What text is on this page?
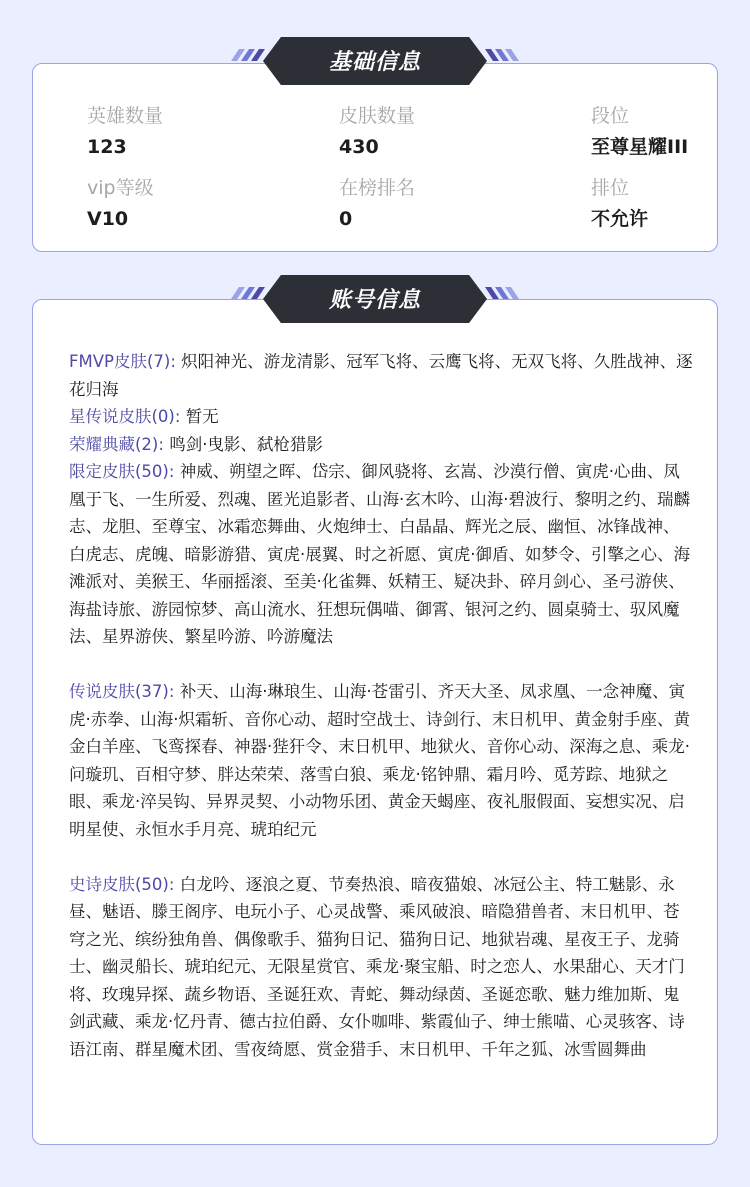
英雄数量
123
皮肤数量
430
段位
至尊星耀III
vip等级
V10
在榜排名
0
排位
不允许
基础信息
FMVP皮肤(7): 炽阳神光、游龙清影、冠军飞将、云鹰飞将、无双飞将、久胜战神、逐花归海
星传说皮肤(0): 暂无
荣耀典藏(2): 鸣剑·曳影、弑枪猎影
限定皮肤(50): 神威、朔望之晖、岱宗、御风骁将、玄嵩、沙漠行僧、寅虎·心曲、凤凰于飞、一生所爱、烈魂、匿光追影者、山海·玄木吟、山海·碧波行、黎明之约、瑞麟志、龙胆、至尊宝、冰霜恋舞曲、火炮绅士、白晶晶、辉光之辰、幽恒、冰锋战神、白虎志、虎魄、暗影游猎、寅虎·展翼、时之祈愿、寅虎·御盾、如梦令、引擎之心、海滩派对、美猴王、华丽摇滚、至美·化雀舞、妖精王、疑决卦、碎月剑心、圣弓游侠、海盐诗旅、游园惊梦、高山流水、狂想玩偶喵、御霄、银河之约、圆桌骑士、驭风魔法、星界游侠、繁星吟游、吟游魔法
传说皮肤(37): 补天、山海·琳琅生、山海·苍雷引、齐天大圣、凤求凰、一念神魔、寅虎·赤拳、山海·炽霜斩、音你心动、超时空战士、诗剑行、末日机甲、黄金射手座、黄金白羊座、飞鸾探春、神器·狴犴令、末日机甲、地狱火、音你心动、深海之息、乘龙·问璇玑、百相守梦、胖达荣荣、落雪白狼、乘龙·铭钟鼎、霜月吟、觅芳踪、地狱之眼、乘龙·淬吴钩、异界灵契、小动物乐团、黄金天蝎座、夜礼服假面、妄想实况、启明星使、永恒水手月亮、琥珀纪元
史诗皮肤(50): 白龙吟、逐浪之夏、节奏热浪、暗夜猫娘、冰冠公主、特工魅影、永昼、魅语、滕王阁序、电玩小子、心灵战警、乘风破浪、暗隐猎兽者、末日机甲、苍穹之光、缤纷独角兽、偶像歌手、猫狗日记、猫狗日记、地狱岩魂、星夜王子、龙骑士、幽灵船长、琥珀纪元、无限星赏官、乘龙·聚宝船、时之恋人、水果甜心、天才门将、玫瑰异探、蔬乡物语、圣诞狂欢、青蛇、舞动绿茵、圣诞恋歌、魅力维加斯、鬼剑武藏、乘龙·忆丹青、德古拉伯爵、女仆咖啡、紫霞仙子、绅士熊喵、心灵骇客、诗语江南、群星魔术团、雪夜绮愿、赏金猎手、末日机甲、千年之狐、冰雪圆舞曲
账号信息
